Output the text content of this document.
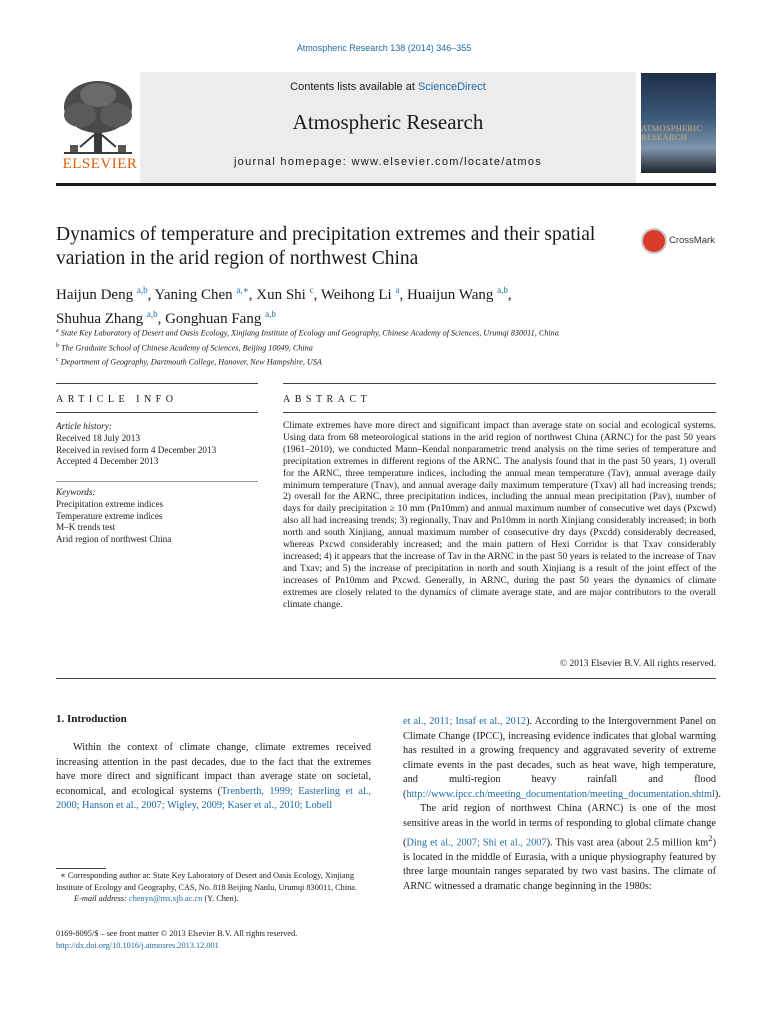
Atmospheric Research 138 (2014) 346–355
Contents lists available at ScienceDirect
Atmospheric Research
journal homepage: www.elsevier.com/locate/atmos
ELSEVIER
ATMOSPHERIC
RESEARCH
Dynamics of temperature and precipitation extremes and their spatial variation in the arid region of northwest China
CrossMark
Haijun Deng $^{a,b}$, Yaning Chen $^{a,∗}$, Xun Shi $^c$, Weihong Li $^a$, Huaijun Wang $^{a,b}$,
Shuhua Zhang $^{a,b}$, Gonghuan Fang $^{a,b}$
$^a$ State Key Laboratory of Desert and Oasis Ecology, Xinjiang Institute of Ecology and Geography, Chinese Academy of Sciences, Urumqi 830011, China
$^b$ The Graduate School of Chinese Academy of Sciences, Beijing 10049, China
$^c$ Department of Geography, Dartmouth College, Hanover, New Hampshire, USA
ARTICLE INFO	ABSTRACT
Article history:
Received 18 July 2013
Received in revised form 4 December 2013
Accepted 4 December 2013
Keywords:
Precipitation extreme indices
Temperature extreme indices
M–K trends test
Arid region of northwest China
Climate extremes have more direct and significant impact than average state on social and ecological systems. Using data from 68 meteorological stations in the arid region of northwest China (ARNC) for the past 50 years (1961–2010), we conducted Mann–Kendal nonparametric trend analysis on the time series of temperature and precipitation extremes in different regions of the ARNC. The analysis found that in the past 50 years, 1) overall for the ARNC, three temperature indices, including the annual mean temperature (Tav), annual average daily minimum temperature (Tnav), and annual average daily maximum temperature (Txav) all had increasing trends; 2) overall for the ARNC, three precipitation indices, including the annual mean precipitation (Pav), number of days for daily precipitation ≥ 10 mm (Pn10mm) and annual maximum number of consecutive wet days (Pxcwd) also all had increasing trends; 3) regionally, Tnav and Pn10mm in north Xinjiang considerably increased; in both north and south Xinjiang, annual maximum number of consecutive dry days (Pxcdd) considerably decreased, whereas Pxcwd considerably increased; and the main pattern of Hexi Corridor is that Txav considerably increased; 4) it appears that the increase of Tav in the ARNC in the past 50 years is related to the increase of Tnav and Txav; and 5) the increase of precipitation in north and south Xinjiang is a result of the joint effect of the increases of Pn10mm and Pxcwd. Generally, in ARNC, during the past 50 years the dynamics of climate extremes are closely related to the dynamics of climate average state, and are major contributors to the overall climate change.
© 2013 Elsevier B.V. All rights reserved.
1. Introduction

Within the context of climate change, climate extremes received increasing attention in the past decades, due to the fact that the extremes have more direct and significant impact than average state on societal, economical, and ecological systems (Trenberth, 1999; Easterling et al., 2000; Hanson et al., 2007; Wigley, 2009; Kaser et al., 2010; Lobell

et al., 2011; Insaf et al., 2012). According to the Intergovernment Panel on Climate Change (IPCC), increasing evidence indicates that global warming has resulted in a growing frequency and aggravated severity of extreme climate events in the past decades, such as heat wave, high temperature, and multi-region heavy rainfall and flood (http://www.ipcc.ch/meeting_documentation/meeting_documentation.shtml).

The arid region of northwest China (ARNC) is one of the most sensitive areas in the world in terms of responding to global climate change (Ding et al., 2007; Shi et al., 2007). This vast area (about 2.5 million $km^2$) is located in the middle of Eurasia, with a unique physiography featured by three large mountain ranges separated by two vast basins. The climate of ARNC witnessed a dramatic change beginning in the 1980s:

∗ Corresponding author at: State Key Laboratory of Desert and Oasis Ecology, Xinjiang Institute of Ecology and Geography, CAS, No. 818 Beijing Nanlu, Urumqi 830011, China.
E-mail address: chenyn@ms.xjb.ac.cn (Y. Chen).
0169-8095/$ – see front matter © 2013 Elsevier B.V. All rights reserved.
http://dx.doi.org/10.1016/j.atmosres.2013.12.001
